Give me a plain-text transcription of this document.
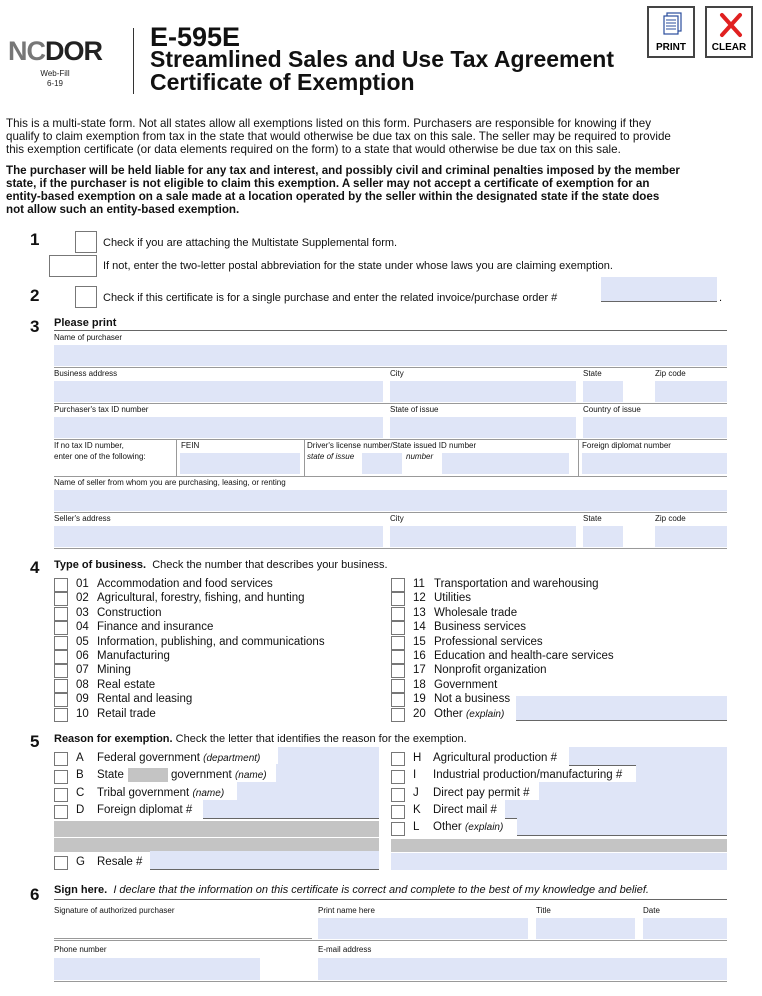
NCDOR
Web-Fill
6-19
E-595E
Streamlined Sales and Use Tax Agreement
Certificate of Exemption
PRINT	CLEAR
This is a multi-state form. Not all states allow all exemptions listed on this form. Purchasers are responsible for knowing if they
qualify to claim exemption from tax in the state that would otherwise be due tax on this sale. The seller may be required to provide
this exemption certificate (or data elements required on the form) to a state that would otherwise be due tax on this sale.
The purchaser will be held liable for any tax and interest, and possibly civil and criminal penalties imposed by the member
state, if the purchaser is not eligible to claim this exemption. A seller may not accept a certificate of exemption for an
entity-based exemption on a sale made at a location operated by the seller within the designated state if the state does
not allow such an entity-based exemption.
1	Check if you are attaching the Multistate Supplemental form.
If not, enter the two-letter postal abbreviation for the state under whose laws you are claiming exemption.
2	Check if this certificate is for a single purchase and enter the related invoice/purchase order #	.
3 Please print
Name of purchaser
Business address	City	State	Zip code
Purchaser's tax ID number	State of issue	Country of issue
If no tax ID number,
enter one of the following:
FEIN	Driver's license number/State issued ID number
state of issue	number
Foreign diplomat number
Name of seller from whom you are purchasing, leasing, or renting
Seller's address	City	State	Zip code
4 Type of business. Check the number that describes your business.
01 Accommodation and food services
02 Agricultural, forestry, fishing, and hunting
03 Construction
04 Finance and insurance
05 Information, publishing, and communications
06 Manufacturing
07 Mining
08 Real estate
09 Rental and leasing
10 Retail trade
11 Transportation and warehousing
12 Utilities
13 Wholesale trade
14 Business services
15 Professional services
16 Education and health-care services
17 Nonprofit organization
18 Government
19 Not a business
20 Other (explain)
5 Reason for exemption. Check the letter that identifies the reason for the exemption.
A Federal government (department)
B State	government (name)
C Tribal government (name)
D Foreign diplomat #
G Resale #
H Agricultural production #
I Industrial production/manufacturing #
J Direct pay permit #
K Direct mail #
L Other (explain)
6 Sign here. I declare that the information on this certificate is correct and complete to the best of my knowledge and belief.
Signature of authorized purchaser	Print name here	Title	Date
Phone number	E-mail address
